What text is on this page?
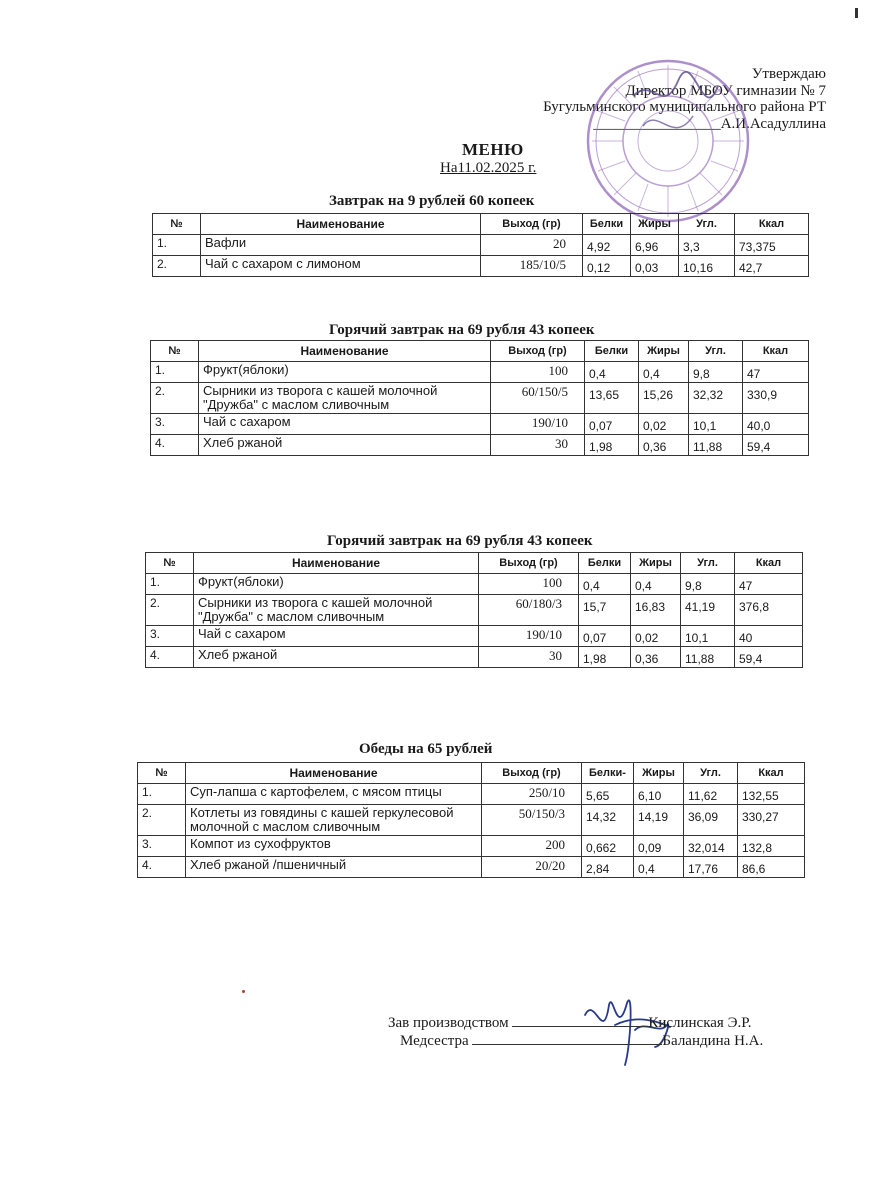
Утверждаю
Директор МБОУ гимназии № 7
Бугульминского муниципального района РТ
_________________А.И.Асадуллина
МЕНЮ
На11.02.2025 г.
Завтрак на 9 рублей 60 копеек
№	Наименование	Выход (гр)	Белки	Жиры	Угл.	Ккал
1.	Вафли	20	4,92	6,96	3,3	73,375
2.	Чай с сахаром с лимоном	185/10/5	0,12	0,03	10,16	42,7
Горячий завтрак на 69 рубля 43 копеек
№	Наименование	Выход (гр)	Белки	Жиры	Угл.	Ккал
1.	Фрукт(яблоки)	100	0,4	0,4	9,8	47
2.	Сырники из творога с кашей молочной "Дружба" с маслом сливочным	60/150/5	13,65	15,26	32,32	330,9
3.	Чай с сахаром	190/10	0,07	0,02	10,1	40,0
4.	Хлеб ржаной	30	1,98	0,36	11,88	59,4
Горячий завтрак на 69 рубля 43 копеек
№	Наименование	Выход (гр)	Белки	Жиры	Угл.	Ккал
1.	Фрукт(яблоки)	100	0,4	0,4	9,8	47
2.	Сырники из творога с кашей молочной "Дружба" с маслом сливочным	60/180/3	15,7	16,83	41,19	376,8
3.	Чай с сахаром	190/10	0,07	0,02	10,1	40
4.	Хлеб ржаной	30	1,98	0,36	11,88	59,4
Обеды на 65 рублей
№	Наименование	Выход (гр)	Белки-	Жиры	Угл.	Ккал
1.	Суп-лапша с картофелем, с мясом птицы	250/10	5,65	6,10	11,62	132,55
2.	Котлеты из говядины с кашей геркулесовой молочной с маслом сливочным	50/150/3	14,32	14,19	36,09	330,27
3.	Компот из сухофруктов	200	0,662	0,09	32,014	132,8
4.	Хлеб ржаной /пшеничный	20/20	2,84	0,4	17,76	86,6
Зав производством	Кислинская Э.Р.
Медсестра	Баландина Н.А.
